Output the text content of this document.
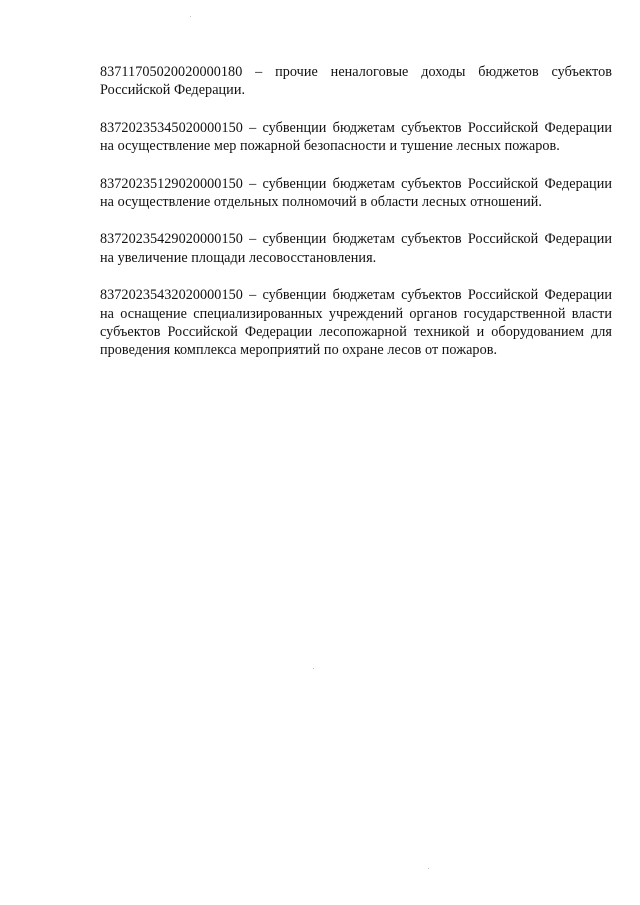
83711705020020000180 – прочие неналоговые доходы бюджетов субъектов Российской Федерации.

83720235345020000150 – субвенции бюджетам субъектов Российской Федерации на осуществление мер пожарной безопасности и тушение лесных пожаров.

83720235129020000150 – субвенции бюджетам субъектов Российской Федерации на осуществление отдельных полномочий в области лесных отношений.

83720235429020000150 – субвенции бюджетам субъектов Российской Федерации на увеличение площади лесовосстановления.

83720235432020000150 – субвенции бюджетам субъектов Российской Федерации на оснащение специализированных учреждений органов государственной власти субъектов Российской Федерации лесопожарной техникой и оборудованием для проведения комплекса мероприятий по охране лесов от пожаров.
